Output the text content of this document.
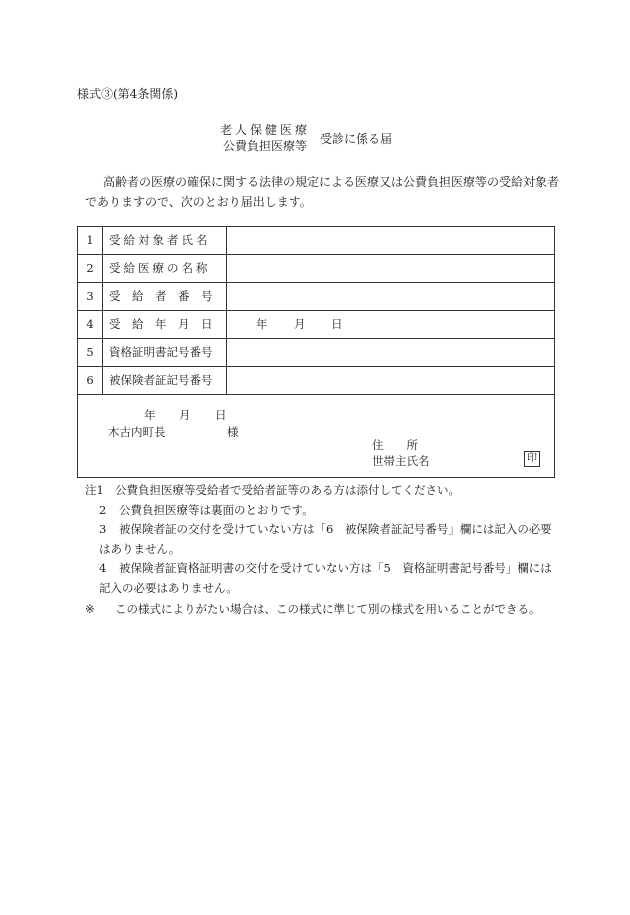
様式③(第4条関係)
老人保健医療
公費負担医療等 受診に係る届
高齢者の医療の確保に関する法律の規定による医療又は公費負担医療等の受給対象者
でありますので、次のとおり届出します。
1	受給対象者氏名
2	受給医療の名称
3	受　給　者　番　号
4	受　給　年　月　日	年 月 日
5	資格証明書記号番号
6	被保険者証記号番号
年 月 日
木古内町長	様
住　　所
世帯主氏名	印
注1 公費負担医療等受給者で受給者証等のある方は添付してください。
2 公費負担医療等は裏面のとおりです。
3 被保険者証の交付を受けていない方は「6　被保険者証記号番号」欄には記入の必要はありません。
4 被保険者証資格証明書の交付を受けていない方は「5　資格証明書記号番号」欄には記入の必要はありません。
※ この様式によりがたい場合は、この様式に準じて別の様式を用いることができる。
